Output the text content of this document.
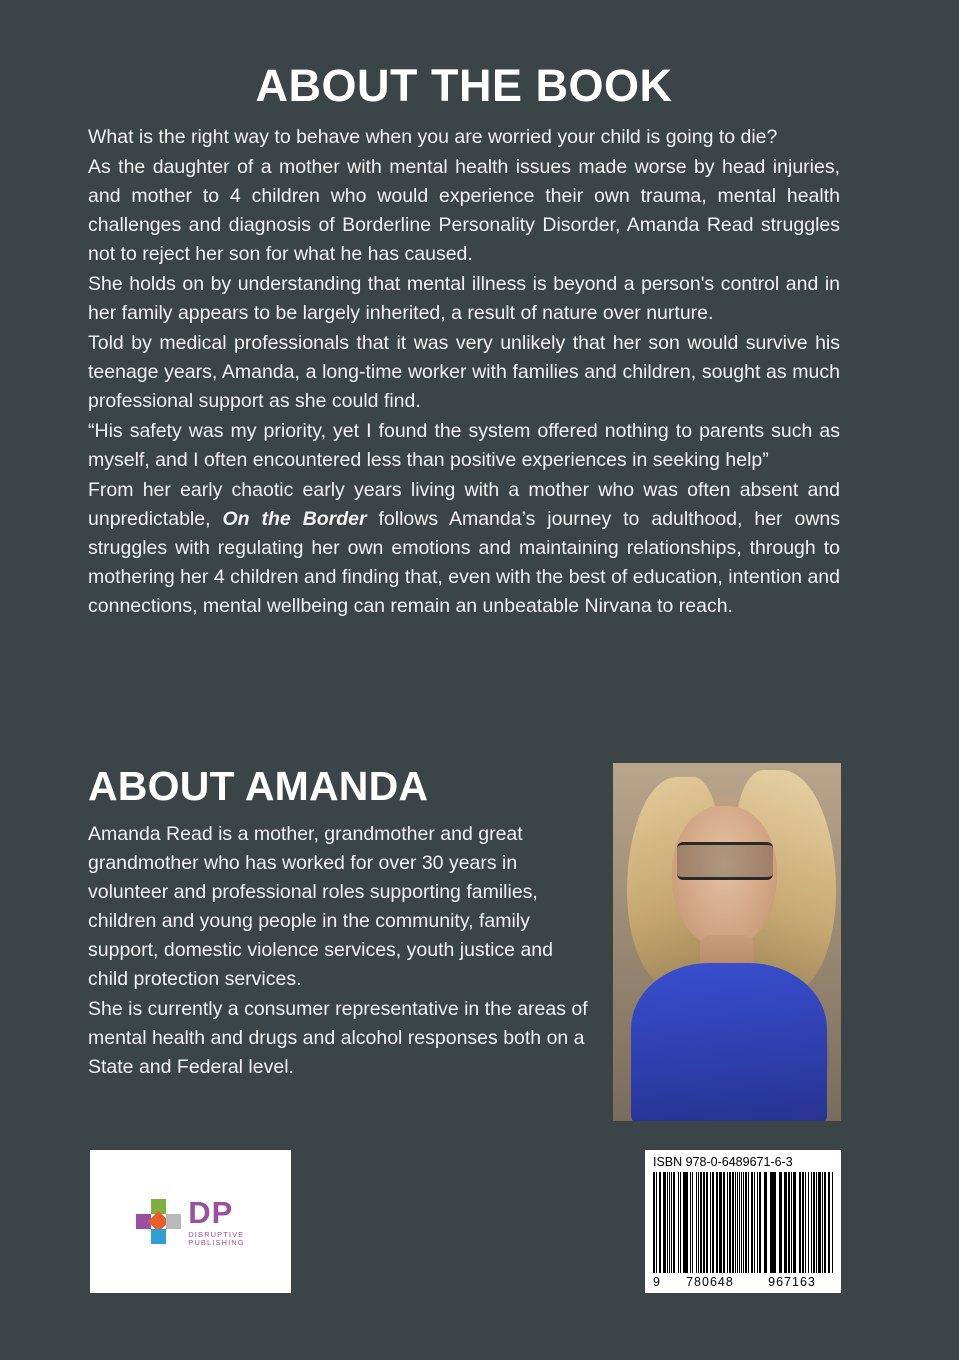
ABOUT THE BOOK

What is the right way to behave when you are worried your child is going to die?

As the daughter of a mother with mental health issues made worse by head injuries, and mother to 4 children who would experience their own trauma, mental health challenges and diagnosis of Borderline Personality Disorder, Amanda Read struggles not to reject her son for what he has caused.

She holds on by understanding that mental illness is beyond a person's control and in her family appears to be largely inherited, a result of nature over nurture.

Told by medical professionals that it was very unlikely that her son would survive his teenage years, Amanda, a long-time worker with families and children, sought as much professional support as she could find.

“His safety was my priority, yet I found the system offered nothing to parents such as myself, and I often encountered less than positive experiences in seeking help”

From her early chaotic early years living with a mother who was often absent and unpredictable, On the Border follows Amanda’s journey to adulthood, her owns struggles with regulating her own emotions and maintaining relationships, through to mothering her 4 children and finding that, even with the best of education, intention and connections, mental wellbeing can remain an unbeatable Nirvana to reach.

ABOUT AMANDA

Amanda Read is a mother, grandmother and great grandmother who has worked for over 30 years in volunteer and professional roles supporting families, children and young people in the community, family support, domestic violence services, youth justice and child protection services.

She is currently a consumer representative in the areas of mental health and drugs and alcohol responses both on a State and Federal level.

DP
DISRUPTIVE
PUBLISHING
ISBN 978-0-6489671-6-3
9	780648	967163
